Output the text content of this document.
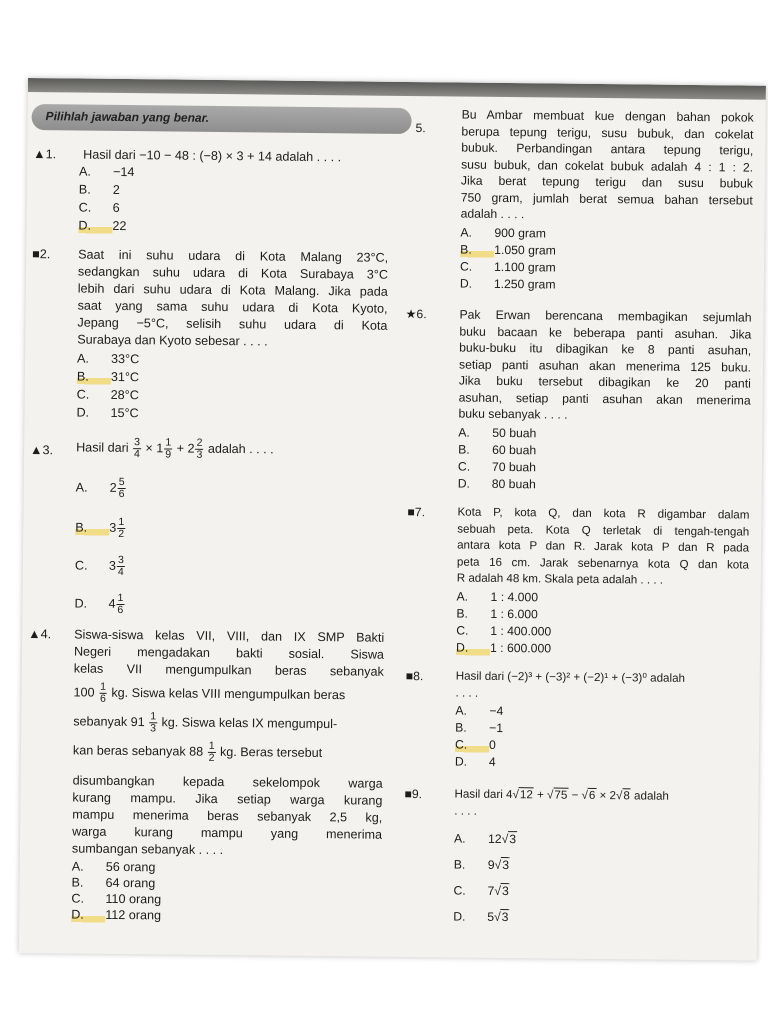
Pilihlah jawaban yang benar.
▲1. Hasil dari −10 − 48 : (−8) × 3 + 14 adalah . . . .
A. −14
B. 2
C. 6
D. 22
■2. Saat ini suhu udara di Kota Malang 23°C,
sedangkan suhu udara di Kota Surabaya 3°C
lebih dari suhu udara di Kota Malang. Jika pada
saat yang sama suhu udara di Kota Kyoto,
Jepang −5°C, selisih suhu udara di Kota
Surabaya dan Kyoto sebesar . . . .
A. 33°C
B. 31°C
C. 28°C
D. 15°C
▲3. Hasil dari $\frac{3}{4} \times 1 \frac{1}{9} + 2 \frac{2}{3}$ adalah . . . .
A. $2 \frac{5}{6}$
B. $3 \frac{1}{2}$
C. $3 \frac{3}{4}$
D. $4 \frac{1}{6}$
▲4. Siswa-siswa kelas VII, VIII, dan IX SMP Bakti
Negeri mengadakan bakti sosial. Siswa
kelas VII mengumpulkan beras sebanyak
$100 \frac{1}{6}$ kg. Siswa kelas VIII mengumpulkan beras
sebanyak $91 \frac{1}{3}$ kg. Siswa kelas IX mengumpul-
kan beras sebanyak $88 \frac{1}{2}$ kg. Beras tersebut
disumbangkan kepada sekelompok warga
kurang mampu. Jika setiap warga kurang
mampu menerima beras sebanyak 2,5 kg,
warga kurang mampu yang menerima
sumbangan sebanyak . . . .
A. 56 orang
B. 64 orang
C. 110 orang
D. 112 orang
5.
Bu Ambar membuat kue dengan bahan pokok
berupa tepung terigu, susu bubuk, dan cokelat
bubuk. Perbandingan antara tepung terigu,
susu bubuk, dan cokelat bubuk adalah 4 : 1 : 2.
Jika berat tepung terigu dan susu bubuk
750 gram, jumlah berat semua bahan tersebut
adalah . . . .
A. 900 gram
B. 1.050 gram
C. 1.100 gram
D. 1.250 gram
★6.	Pak Erwan berencana membagikan sejumlah
buku bacaan ke beberapa panti asuhan. Jika
buku-buku itu dibagikan ke 8 panti asuhan,
setiap panti asuhan akan menerima 125 buku.
Jika buku tersebut dibagikan ke 20 panti
asuhan, setiap panti asuhan akan menerima
buku sebanyak . . . .
A. 50 buah
B. 60 buah
C. 70 buah
D. 80 buah
■7.	Kota P, kota Q, dan kota R digambar dalam
sebuah peta. Kota Q terletak di tengah-tengah
antara kota P dan R. Jarak kota P dan R pada
peta 16 cm. Jarak sebenarnya kota Q dan kota
R adalah 48 km. Skala peta adalah . . . .
A. 1 : 4.000
B. 1 : 6.000
C. 1 : 400.000
D. 1 : 600.000
■8.	Hasil dari (−2)³ + (−3)² + (−2)¹ + (−3)⁰ adalah
. . . .
A. −4
B. −1
C. 0
D. 4
■9.	Hasil dari 4√12 + √75 − √6 × 2√8 adalah
. . . .
A. 12√3
B. 9√3
C. 7√3
D. 5√3
